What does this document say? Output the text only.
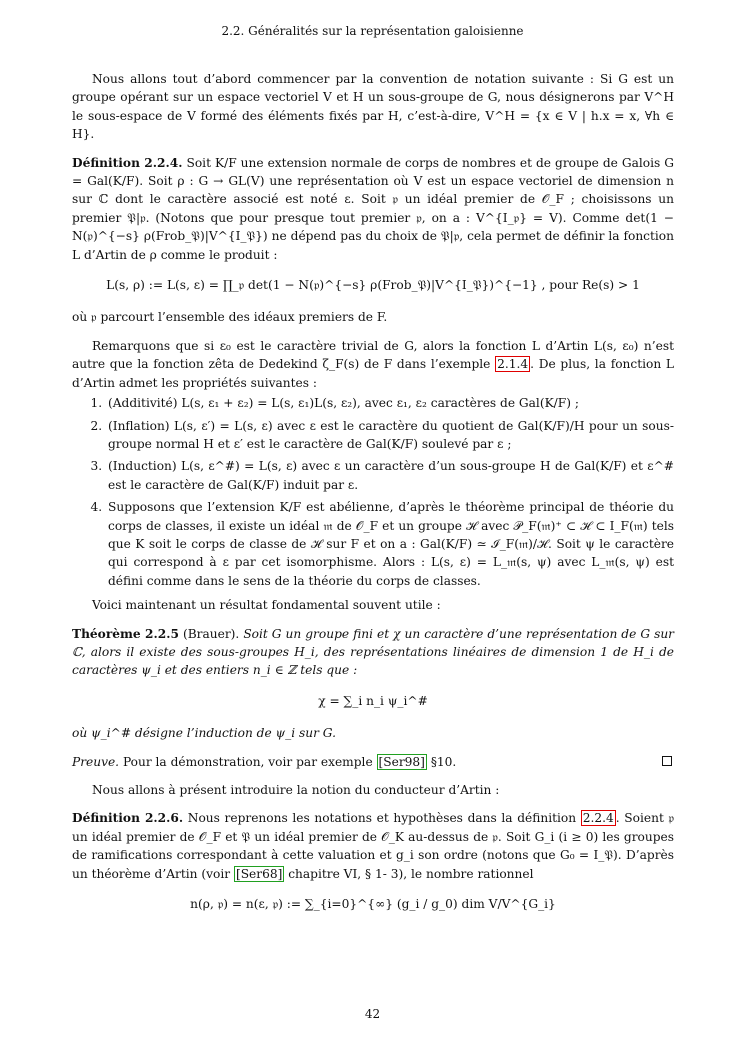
2.2. Généralités sur la représentation galoisienne

Nous allons tout d’abord commencer par la convention de notation suivante : Si G est un groupe opérant sur un espace vectoriel V et H un sous-groupe de G, nous désignerons par V^H le sous-espace de V formé des éléments fixés par H, c’est-à-dire, V^H = {x ∈ V | h.x = x, ∀h ∈ H}.

Définition 2.2.4. Soit K/F une extension normale de corps de nombres et de groupe de Galois G = Gal(K/F). Soit ρ : G → GL(V) une représentation où V est un espace vectoriel de dimension n sur ℂ dont le caractère associé est noté ε. Soit 𝔭 un idéal premier de 𝒪_F ; choisissons un premier 𝔓|𝔭. (Notons que pour presque tout premier 𝔭, on a : V^{I_𝔭} = V). Comme det(1 − N(𝔭)^{−s} ρ(Frob_𝔓)|V^{I_𝔓}) ne dépend pas du choix de 𝔓|𝔭, cela permet de définir la fonction L d’Artin de ρ comme le produit :

L(s, ρ) := L(s, ε) = ∏_𝔭 det(1 − N(𝔭)^{−s} ρ(Frob_𝔓)|V^{I_𝔓})^{−1} , pour Re(s) > 1

où 𝔭 parcourt l’ensemble des idéaux premiers de F.

Remarquons que si ε₀ est le caractère trivial de G, alors la fonction L d’Artin L(s, ε₀) n’est autre que la fonction zêta de Dedekind ζ_F(s) de F dans l’exemple 2.1.4 . De plus, la fonction L d’Artin admet les propriétés suivantes :

1. (Additivité) L(s, ε₁ + ε₂) = L(s, ε₁)L(s, ε₂), avec ε₁, ε₂ caractères de Gal(K/F) ;
2. (Inflation) L(s, ε′) = L(s, ε) avec ε est le caractère du quotient de Gal(K/F)/H pour un sous-groupe normal H et ε′ est le caractère de Gal(K/F) soulevé par ε ;
3. (Induction) L(s, ε^#) = L(s, ε) avec ε un caractère d’un sous-groupe H de Gal(K/F) et ε^# est le caractère de Gal(K/F) induit par ε.
4. Supposons que l’extension K/F est abélienne, d’après le théorème principal de théorie du corps de classes, il existe un idéal 𝔪 de 𝒪_F et un groupe ℋ avec 𝒫_F(𝔪)⁺ ⊂ ℋ ⊂ I_F(𝔪) tels que K soit le corps de classe de ℋ sur F et on a : Gal(K/F) ≃ ℐ_F(𝔪)/ℋ. Soit ψ le caractère qui correspond à ε par cet isomorphisme. Alors : L(s, ε) = L_𝔪(s, ψ) avec L_𝔪(s, ψ) est défini comme dans le sens de la théorie du corps de classes.

Voici maintenant un résultat fondamental souvent utile :

Théorème 2.2.5 (Brauer). Soit G un groupe fini et χ un caractère d’une représentation de G sur ℂ, alors il existe des sous-groupes H_i, des représentations linéaires de dimension 1 de H_i de caractères ψ_i et des entiers n_i ∈ ℤ tels que :

χ = ∑_i n_i ψ_i^#

où ψ_i^# désigne l’induction de ψ_i sur G.

Preuve. Pour la démonstration, voir par exemple [Ser98] §10.

Nous allons à présent introduire la notion du conducteur d’Artin :

Définition 2.2.6. Nous reprenons les notations et hypothèses dans la définition 2.2.4 . Soient 𝔭 un idéal premier de 𝒪_F et 𝔓 un idéal premier de 𝒪_K au-dessus de 𝔭. Soit G_i (i ≥ 0) les groupes de ramifications correspondant à cette valuation et g_i son ordre (notons que G₀ = I_𝔓). D’après un théorème d’Artin (voir [Ser68] chapitre VI, § 1- 3), le nombre rationnel

n(ρ, 𝔭) = n(ε, 𝔭) := ∑_{i=0}^{∞} (g_i / g_0) dim V/V^{G_i}
42
